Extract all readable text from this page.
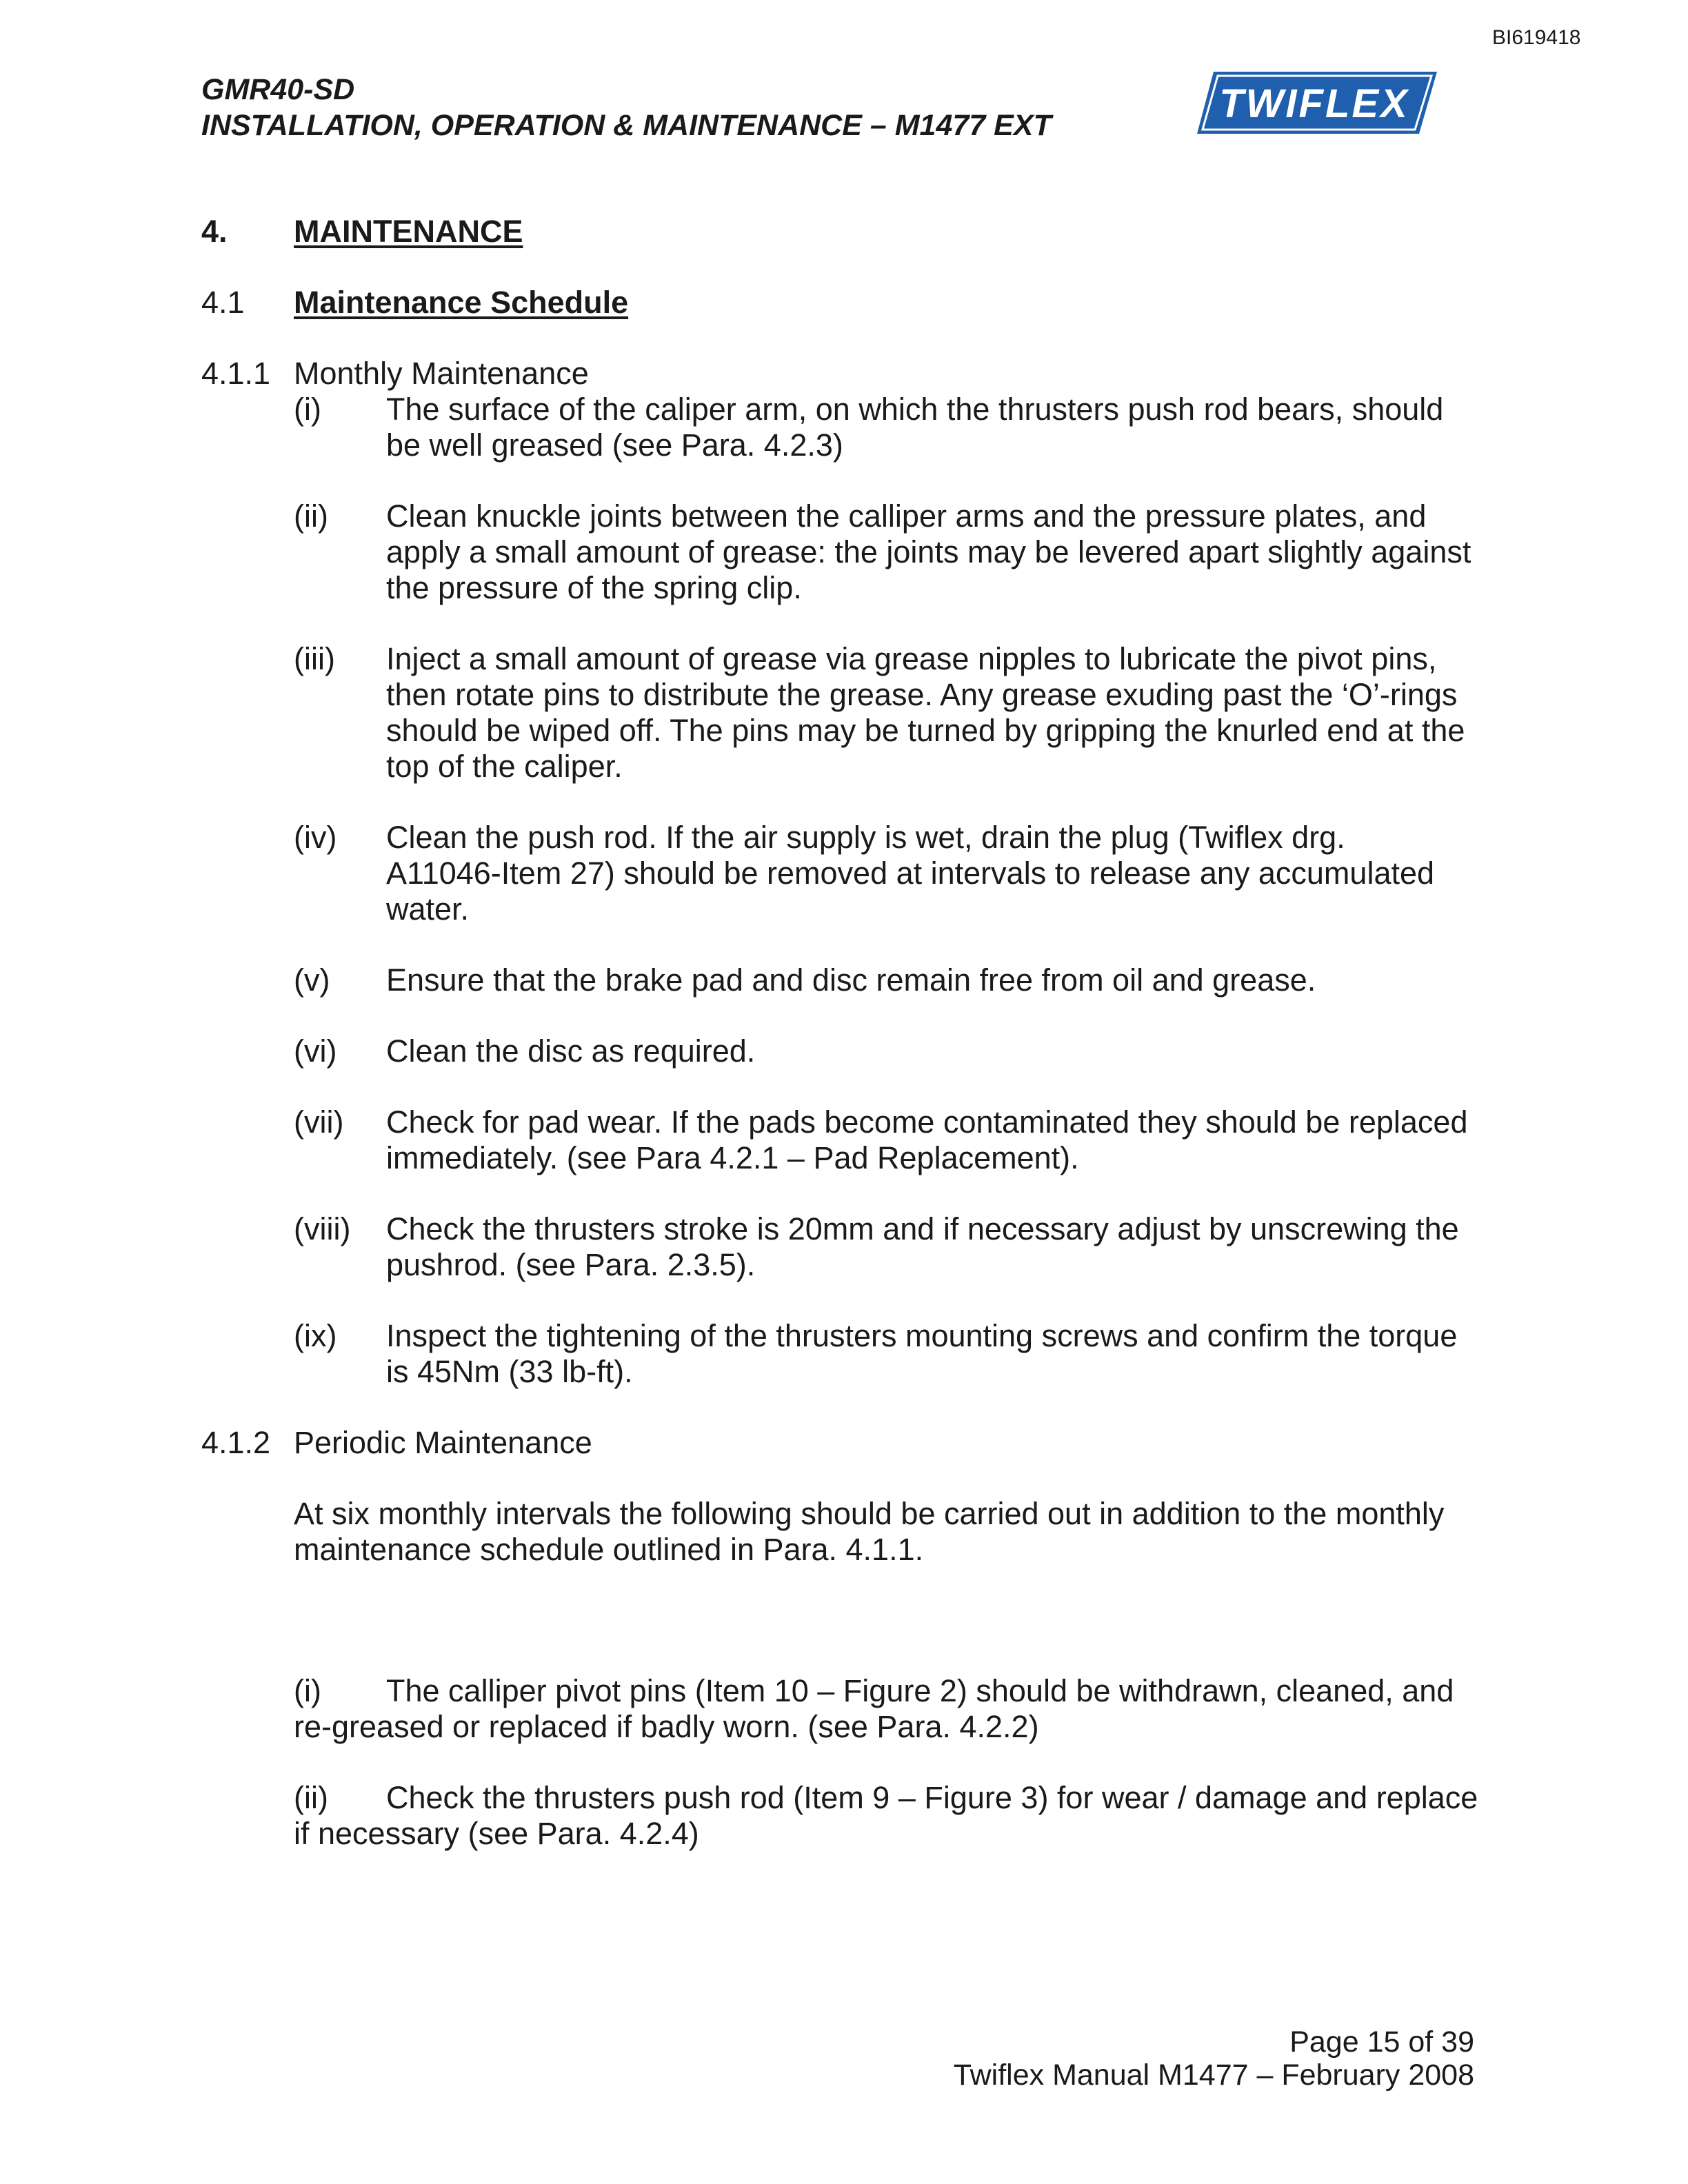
BI619418
GMR40-SD
INSTALLATION, OPERATION & MAINTENANCE – M1477 EXT	TWIFLEX
4. MAINTENANCE
4.1 Maintenance Schedule
4.1.1 Monthly Maintenance
(i) The surface of the caliper arm, on which the thrusters push rod bears, should
be well greased (see Para. 4.2.3)
(ii) Clean knuckle joints between the calliper arms and the pressure plates, and
apply a small amount of grease: the joints may be levered apart slightly against
the pressure of the spring clip.
(iii) Inject a small amount of grease via grease nipples to lubricate the pivot pins,
then rotate pins to distribute the grease. Any grease exuding past the ‘O’-rings
should be wiped off. The pins may be turned by gripping the knurled end at the
top of the caliper.
(iv) Clean the push rod. If the air supply is wet, drain the plug (Twiflex drg.
A11046-Item 27) should be removed at intervals to release any accumulated
water.
(v) Ensure that the brake pad and disc remain free from oil and grease.
(vi) Clean the disc as required.
(vii) Check for pad wear. If the pads become contaminated they should be replaced
immediately. (see Para 4.2.1 – Pad Replacement).
(viii) Check the thrusters stroke is 20mm and if necessary adjust by unscrewing the
pushrod. (see Para. 2.3.5).
(ix) Inspect the tightening of the thrusters mounting screws and confirm the torque
is 45Nm (33 lb-ft).
4.1.2 Periodic Maintenance
At six monthly intervals the following should be carried out in addition to the monthly
maintenance schedule outlined in Para. 4.1.1.
(i) The calliper pivot pins (Item 10 – Figure 2) should be withdrawn, cleaned, and
re-greased or replaced if badly worn. (see Para. 4.2.2)
(ii) Check the thrusters push rod (Item 9 – Figure 3) for wear / damage and replace
if necessary (see Para. 4.2.4)
Page 15 of 39
Twiflex Manual M1477 – February 2008
